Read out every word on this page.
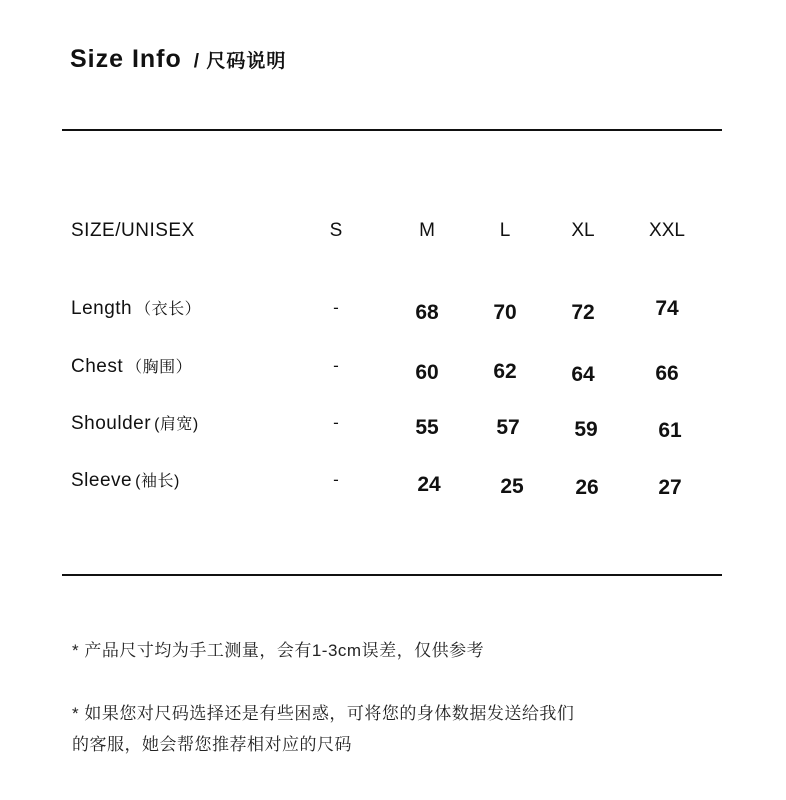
Size Info / 尺码说明
SIZE/UNISEX	S	M	L	XL	XXL
Length （衣长）	-	68	70	72	74
Chest （胸围）	-	60	62	64	66
Shoulder (肩宽)	-	55	57	59	61
Sleeve (袖长)	-	24	25	26	27
* 产品尺寸均为手工测量，会有1-3cm误差，仅供参考
* 如果您对尺码选择还是有些困惑，可将您的身体数据发送给我们
的客服，她会帮您推荐相对应的尺码
